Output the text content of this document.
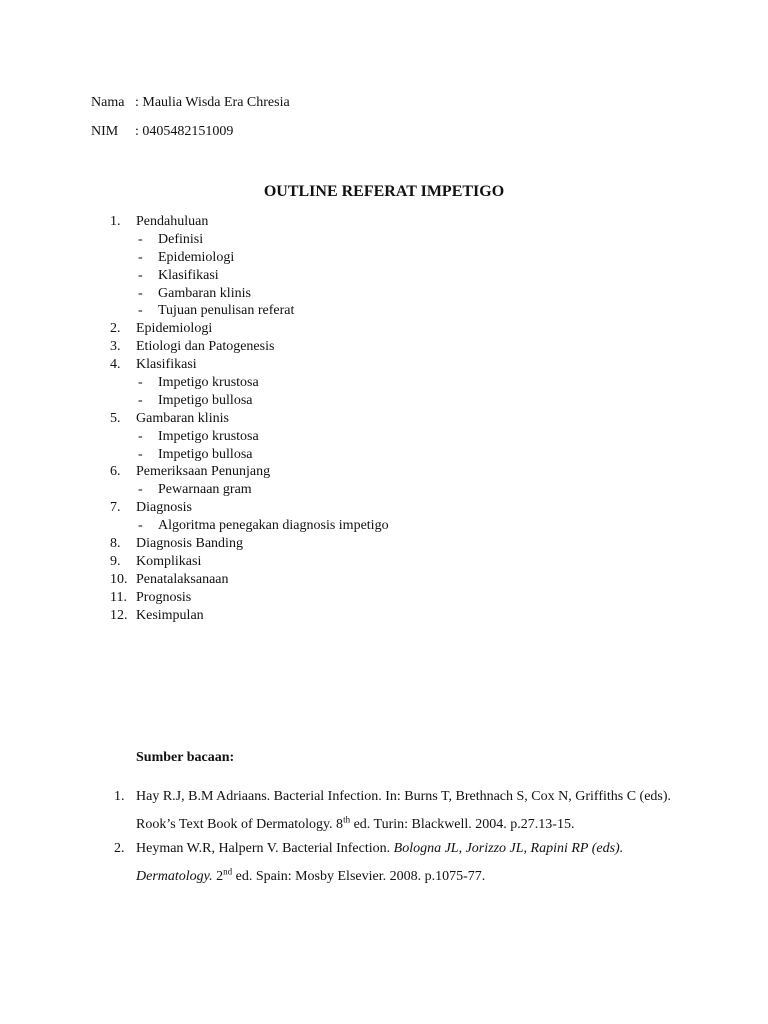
Nama : Maulia Wisda Era Chresia
NIM : 0405482151009
OUTLINE REFERAT IMPETIGO
1. Pendahuluan
- Definisi
- Epidemiologi
- Klasifikasi
- Gambaran klinis
- Tujuan penulisan referat
2. Epidemiologi
3. Etiologi dan Patogenesis
4. Klasifikasi
- Impetigo krustosa
- Impetigo bullosa
5. Gambaran klinis
- Impetigo krustosa
- Impetigo bullosa
6. Pemeriksaan Penunjang
- Pewarnaan gram
7. Diagnosis
- Algoritma penegakan diagnosis impetigo
8. Diagnosis Banding
9. Komplikasi
10. Penatalaksanaan
11. Prognosis
12. Kesimpulan
Sumber bacaan:
1. Hay R.J, B.M Adriaans. Bacterial Infection. In: Burns T, Brethnach S, Cox N, Griffiths C (eds). Rook’s Text Book of Dermatology. 8th ed. Turin: Blackwell. 2004. p.27.13-15.
2. Heyman W.R, Halpern V. Bacterial Infection. Bologna JL, Jorizzo JL, Rapini RP (eds). Dermatology. 2nd ed. Spain: Mosby Elsevier. 2008. p.1075-77.
